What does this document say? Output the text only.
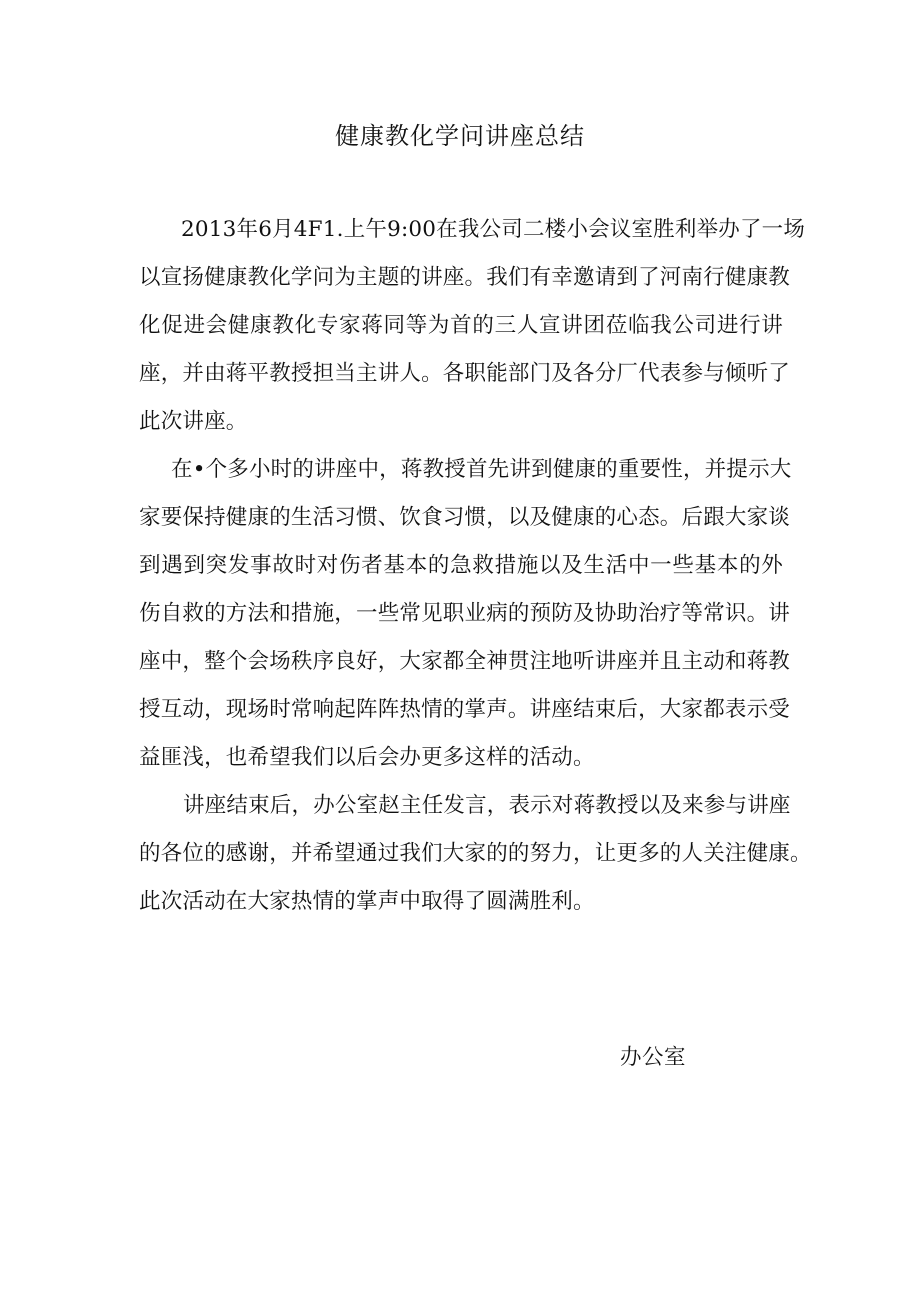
健康教化学问讲座总结
2013年6月4F1.上午9:00在我公司二楼小会议室胜利举办了一场
以宣扬健康教化学问为主题的讲座。我们有幸邀请到了河南行健康教
化促进会健康教化专家蒋同等为首的三人宣讲团莅临我公司进行讲
座，并由蒋平教授担当主讲人。各职能部门及各分厂代表参与倾听了
此次讲座。
在•个多小时的讲座中，蒋教授首先讲到健康的重要性，并提示大
家要保持健康的生活习惯、饮食习惯，以及健康的心态。后跟大家谈
到遇到突发事故时对伤者基本的急救措施以及生活中一些基本的外
伤自救的方法和措施，一些常见职业病的预防及协助治疗等常识。讲
座中，整个会场秩序良好，大家都全神贯注地听讲座并且主动和蒋教
授互动，现场时常响起阵阵热情的掌声。讲座结束后，大家都表示受
益匪浅，也希望我们以后会办更多这样的活动。
讲座结束后，办公室赵主任发言，表示对蒋教授以及来参与讲座
的各位的感谢，并希望通过我们大家的的努力，让更多的人关注健康。
此次活动在大家热情的掌声中取得了圆满胜利。
办公室
